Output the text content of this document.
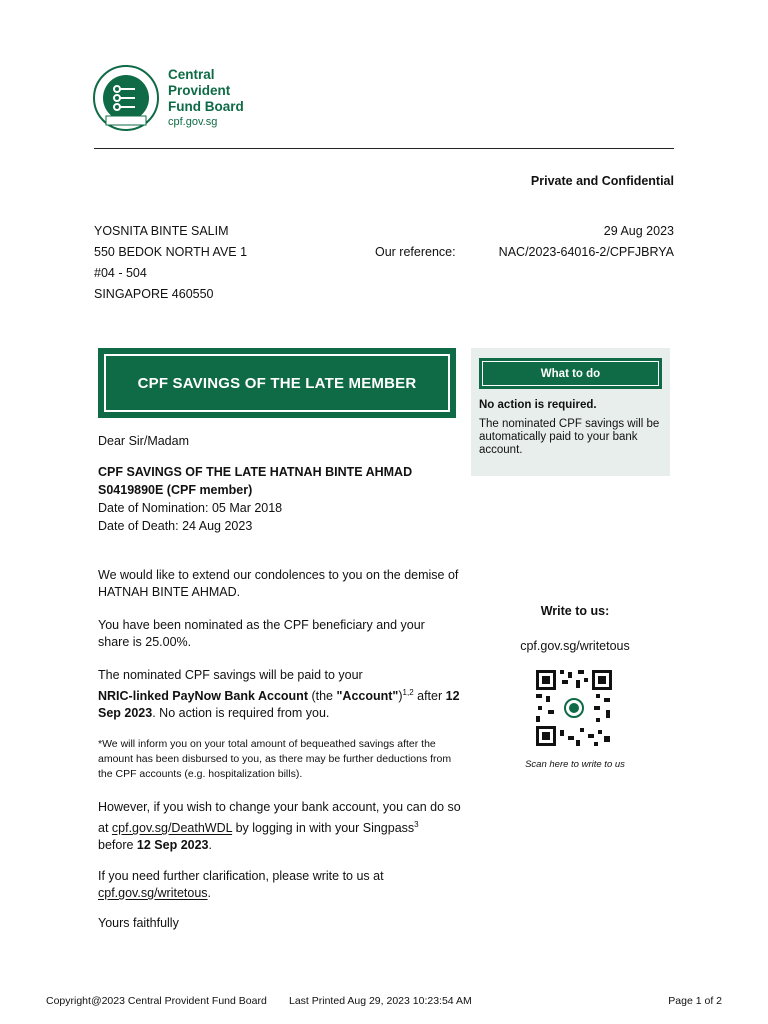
Central
Provident
Fund Board
cpf.gov.sg
Private and Confidential
YOSNITA BINTE SALIM
550 BEDOK NORTH AVE 1
#04 - 504
SINGAPORE 460550
29 Aug 2023
Our reference:	NAC/2023-64016-2/CPFJBRYA
CPF SAVINGS OF THE LATE MEMBER
What to do
No action is required.
The nominated CPF savings will be automatically paid to your bank account.
Dear Sir/Madam
CPF SAVINGS OF THE LATE HATNAH BINTE AHMAD
S0419890E (CPF member)
Date of Nomination: 05 Mar 2018
Date of Death: 24 Aug 2023
We would like to extend our condolences to you on the demise of HATNAH BINTE AHMAD.
You have been nominated as the CPF beneficiary and your share is 25.00%.
The nominated CPF savings will be paid to your
NRIC-linked PayNow Bank Account (the "Account")$^{1,2}$ after 12 Sep 2023. No action is required from you.
*We will inform you on your total amount of bequeathed savings after the amount has been disbursed to you, as there may be further deductions from the CPF accounts (e.g. hospitalization bills).
However, if you wish to change your bank account, you can do so at cpf.gov.sg/DeathWDL by logging in with your Singpass$^3$
before 12 Sep 2023.
If you need further clarification, please write to us at
cpf.gov.sg/writetous.
Yours faithfully
Write to us:
cpf.gov.sg/writetous
Scan here to write to us
Copyright@2023 Central Provident Fund Board Last Printed Aug 29, 2023 10:23:54 AM	Page 1 of 2
